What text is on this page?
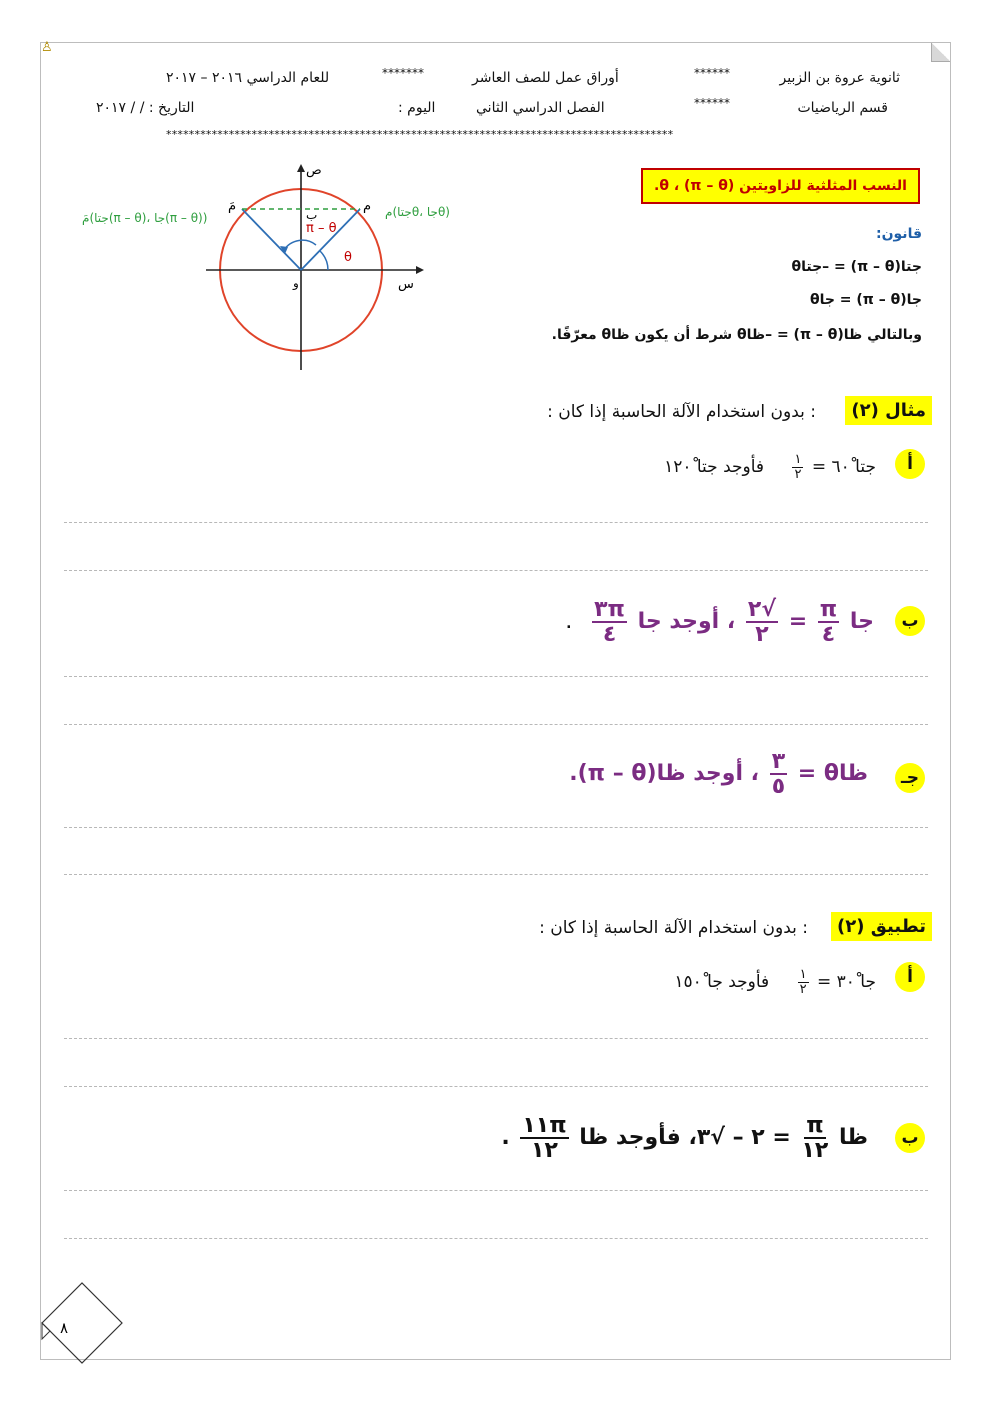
♙
ثانوية عروة بن الزبير
******
أوراق عمل للصف العاشر
*******
للعام الدراسي ٢٠١٦ – ٢٠١٧
قسم الرياضيات
******
الفصل الدراسي الثاني
اليوم :
التاريخ : / / ٢٠١٧
*****************************************************************************************
النسب المثلثية للزاويتين θ ، (π – θ).
ص
س
و
م
مَ
ب
θ
π – θ
م(جتاθ، جاθ)
مَ(جتا(π – θ)، جا(π – θ))
قانون:
جتا(π – θ) = –جتاθ
جا(π – θ) = جاθ
وبالتالي ظا(π – θ) = –ظاθ شرط أن يكون ظاθ معرّفًا.
مثال (٢)
: بدون استخدام الآلة الحاسبة إذا كان :
أ
جتا ٦٠ْ =
$\frac{١}{٢}$
فأوجد جتا ١٢٠ْ
ب
جا
$\frac{\pi}{٤}$
=
$\frac{√٢}{٢}$
، أوجد جا
$\frac{٣\pi}{٤}$
.
جـ
ظاθ =
$\frac{٣}{٥}$
، أوجد ظا(π – θ).
تطبيق (٢)
: بدون استخدام الآلة الحاسبة إذا كان :
أ
جا ٣٠ْ =
$\frac{١}{٢}$
فأوجد جا ١٥٠ْ
ب
ظا
$\frac{\pi}{١٢}$
= ٢ – √٣، فأوجد ظا
$\frac{١١\pi}{١٢}$
.
٨
